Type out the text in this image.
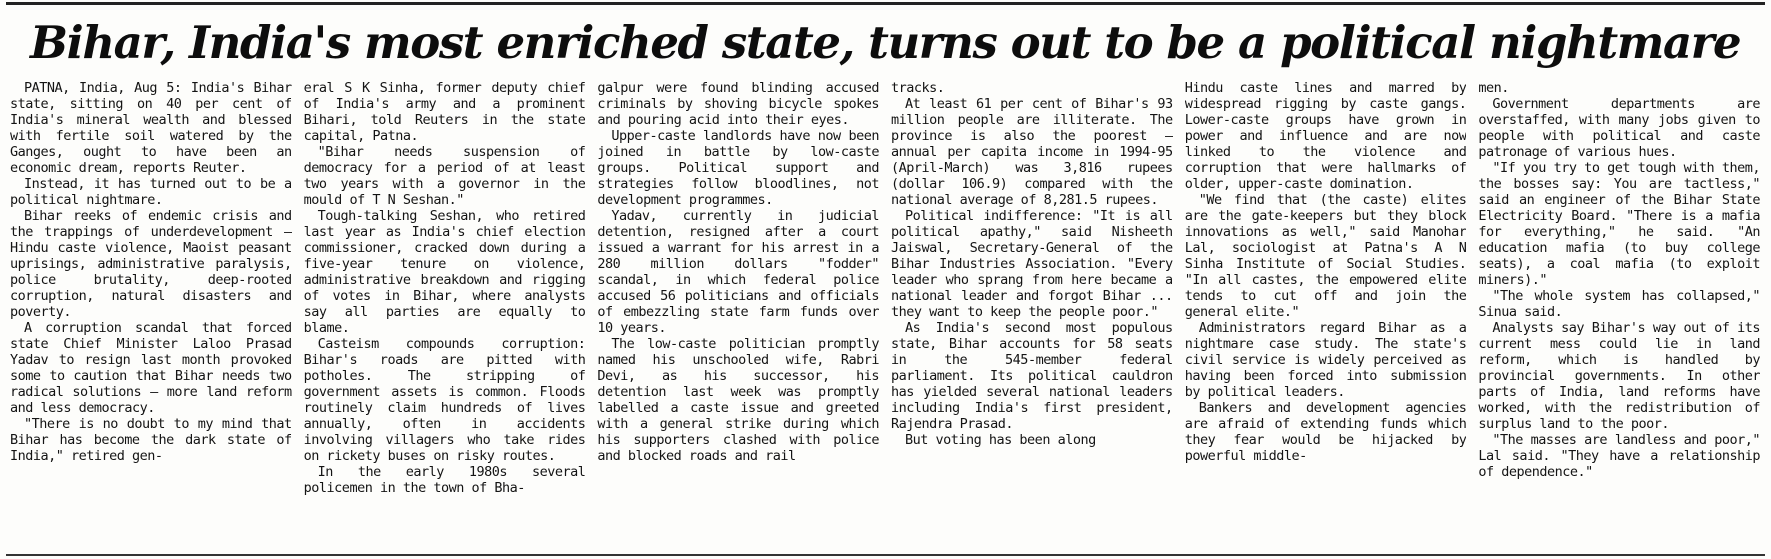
Bihar, India's most enriched state, turns out to be a political nightmare

PATNA, India, Aug 5: India's Bihar state, sitting on 40 per cent of India's mineral wealth and blessed with fertile soil watered by the Ganges, ought to have been an economic dream, reports Reuter.

Instead, it has turned out to be a political nightmare.

Bihar reeks of endemic crisis and the trappings of underdevelopment — Hindu caste violence, Maoist peasant uprisings, administrative paralysis, police brutality, deep-rooted corruption, natural disasters and poverty.

A corruption scandal that forced state Chief Minister Laloo Prasad Yadav to resign last month provoked some to caution that Bihar needs two radical solutions — more land reform and less democracy.

"There is no doubt to my mind that Bihar has become the dark state of India," retired gen-

eral S K Sinha, former deputy chief of India's army and a prominent Bihari, told Reuters in the state capital, Patna.

"Bihar needs suspension of democracy for a period of at least two years with a governor in the mould of T N Seshan."

Tough-talking Seshan, who retired last year as India's chief election commissioner, cracked down during a five-year tenure on violence, administrative breakdown and rigging of votes in Bihar, where analysts say all parties are equally to blame.

Casteism compounds corruption: Bihar's roads are pitted with potholes. The stripping of government assets is common. Floods routinely claim hundreds of lives annually, often in accidents involving villagers who take rides on rickety buses on risky routes.

In the early 1980s several policemen in the town of Bha-

galpur were found blinding accused criminals by shoving bicycle spokes and pouring acid into their eyes.

Upper-caste landlords have now been joined in battle by low-caste groups. Political support and strategies follow bloodlines, not development programmes.

Yadav, currently in judicial detention, resigned after a court issued a warrant for his arrest in a 280 million dollars "fodder" scandal, in which federal police accused 56 politicians and officials of embezzling state farm funds over 10 years.

The low-caste politician promptly named his unschooled wife, Rabri Devi, as his successor, his detention last week was promptly labelled a caste issue and greeted with a general strike during which his supporters clashed with police and blocked roads and rail

tracks.

At least 61 per cent of Bihar's 93 million people are illiterate. The province is also the poorest — annual per capita income in 1994-95 (April-March) was 3,816 rupees (dollar 106.9) compared with the national average of 8,281.5 rupees.

Political indifference: "It is all political apathy," said Nisheeth Jaiswal, Secretary-General of the Bihar Industries Association. "Every leader who sprang from here became a national leader and forgot Bihar ... they want to keep the people poor."

As India's second most populous state, Bihar accounts for 58 seats in the 545-member federal parliament. Its political cauldron has yielded several national leaders including India's first president, Rajendra Prasad.

But voting has been along

Hindu caste lines and marred by widespread rigging by caste gangs. Lower-caste groups have grown in power and influence and are now linked to the violence and corruption that were hallmarks of older, upper-caste domination.

"We find that (the caste) elites are the gate-keepers but they block innovations as well," said Manohar Lal, sociologist at Patna's A N Sinha Institute of Social Studies. "In all castes, the empowered elite tends to cut off and join the general elite."

Administrators regard Bihar as a nightmare case study. The state's civil service is widely perceived as having been forced into submission by political leaders.

Bankers and development agencies are afraid of extending funds which they fear would be hijacked by powerful middle-

men.

Government departments are overstaffed, with many jobs given to people with political and caste patronage of various hues.

"If you try to get tough with them, the bosses say: You are tactless," said an engineer of the Bihar State Electricity Board. "There is a mafia for everything," he said. "An education mafia (to buy college seats), a coal mafia (to exploit miners)."

"The whole system has collapsed," Sinua said.

Analysts say Bihar's way out of its current mess could lie in land reform, which is handled by provincial governments. In other parts of India, land reforms have worked, with the redistribution of surplus land to the poor.

"The masses are landless and poor," Lal said. "They have a relationship of dependence."
